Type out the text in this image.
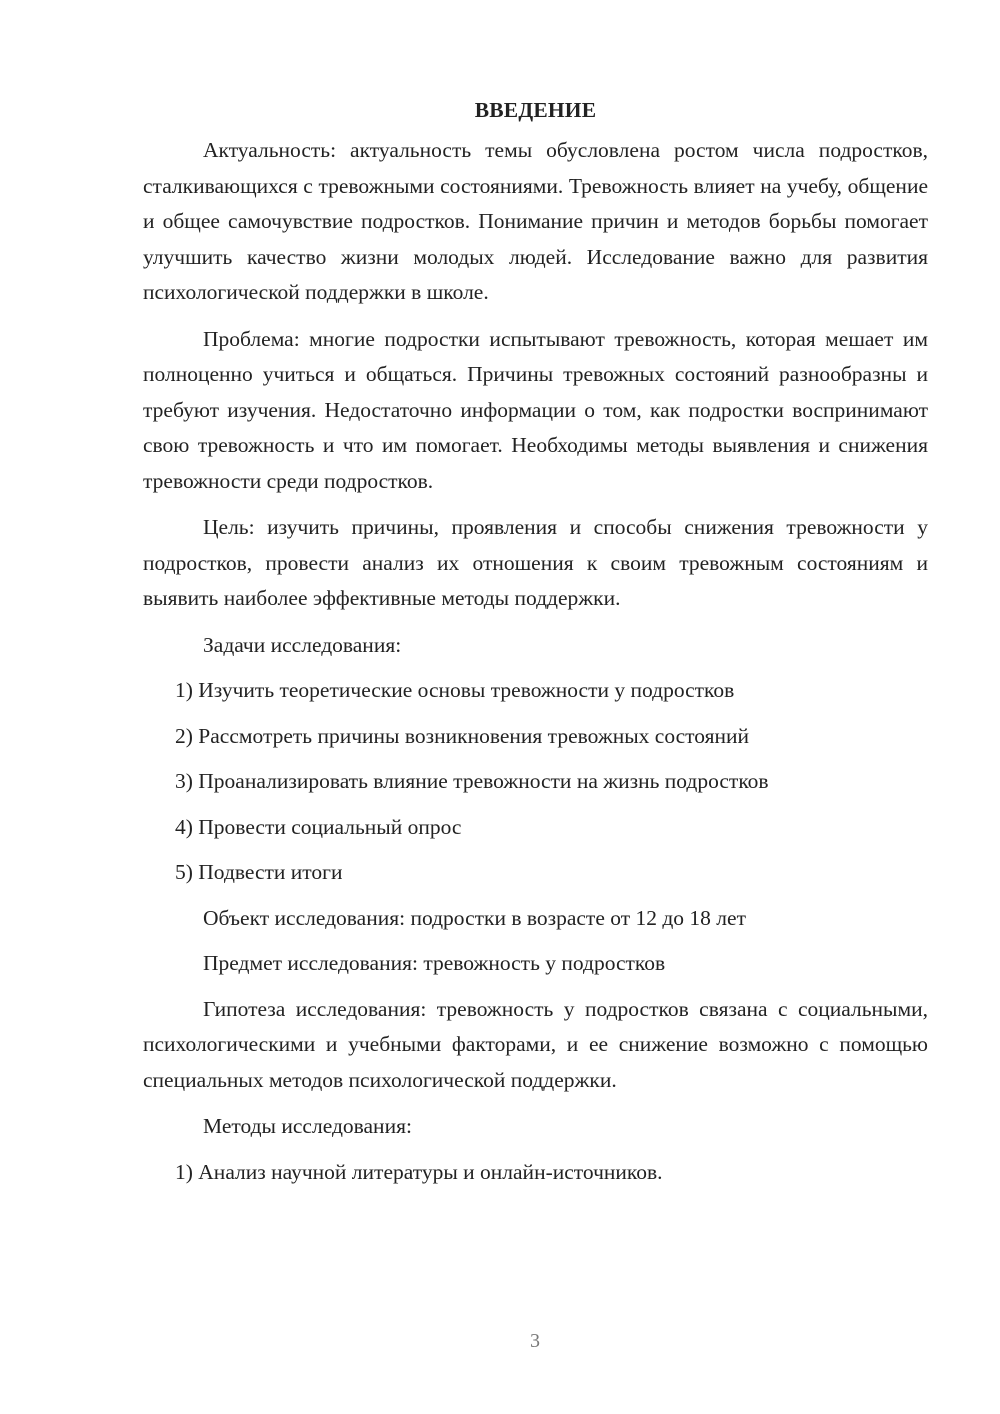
ВВЕДЕНИЕ

Актуальность: актуальность темы обусловлена ростом числа подростков, сталкивающихся с тревожными состояниями. Тревожность влияет на учебу, общение и общее самочувствие подростков. Понимание причин и методов борьбы помогает улучшить качество жизни молодых людей. Исследование важно для развития психологической поддержки в школе.

Проблема: многие подростки испытывают тревожность, которая мешает им полноценно учиться и общаться. Причины тревожных состояний разнообразны и требуют изучения. Недостаточно информации о том, как подростки воспринимают свою тревожность и что им помогает. Необходимы методы выявления и снижения тревожности среди подростков.

Цель: изучить причины, проявления и способы снижения тревожности у подростков, провести анализ их отношения к своим тревожным состояниям и выявить наиболее эффективные методы поддержки.

Задачи исследования:

1) Изучить теоретические основы тревожности у подростков
2) Рассмотреть причины возникновения тревожных состояний
3) Проанализировать влияние тревожности на жизнь подростков
4) Провести социальный опрос
5) Подвести итоги

Объект исследования: подростки в возрасте от 12 до 18 лет

Предмет исследования: тревожность у подростков

Гипотеза исследования: тревожность у подростков связана с социальными, психологическими и учебными факторами, и ее снижение возможно с помощью специальных методов психологической поддержки.

Методы исследования:

1) Анализ научной литературы и онлайн-источников.
3
